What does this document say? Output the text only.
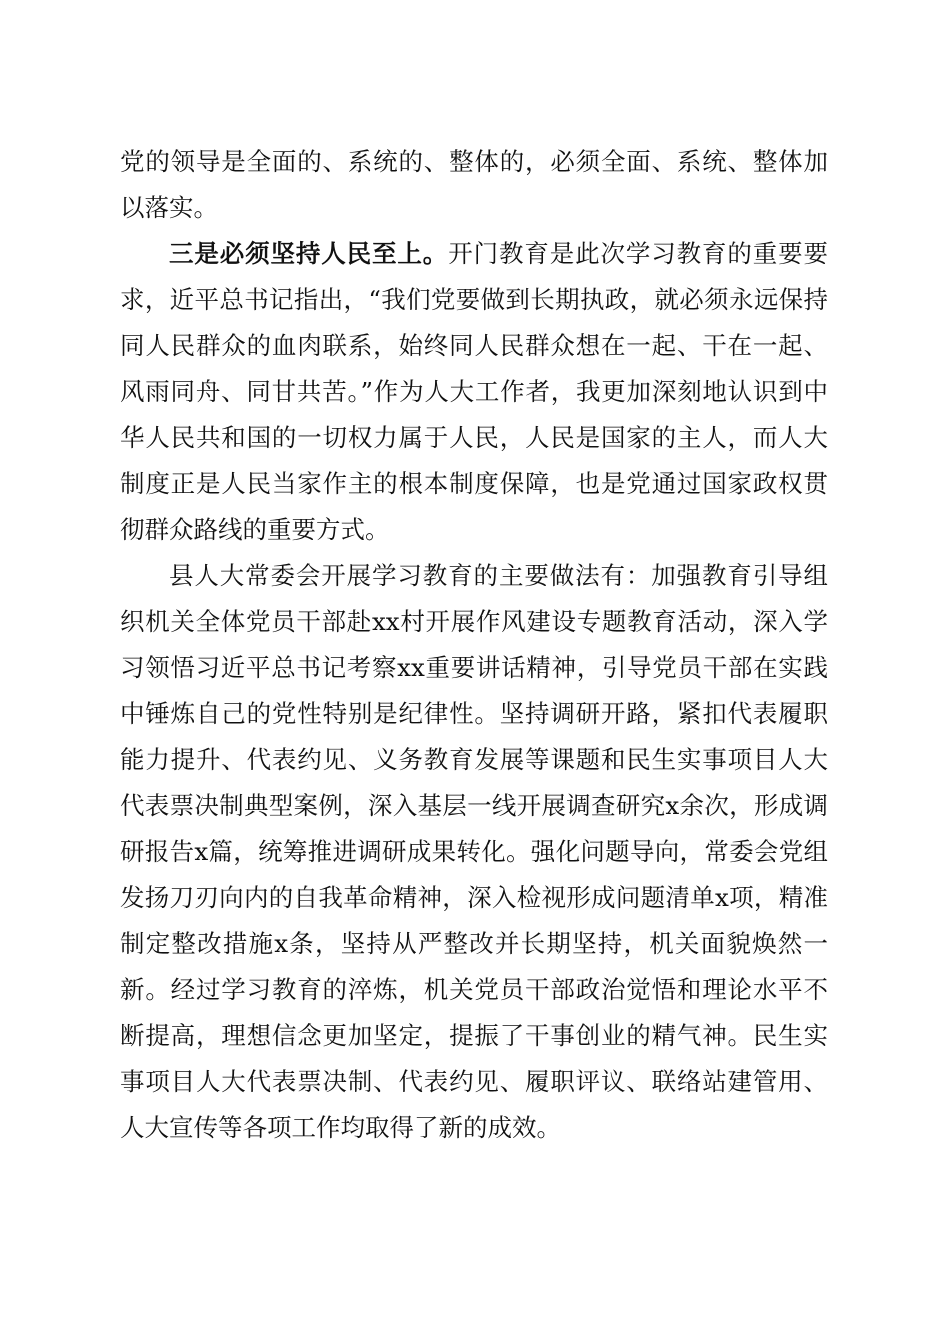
党的领导是全面的、系统的、整体的，必须全面、系统、整体加以落实。

三是必须坚持人民至上。开门教育是此次学习教育的重要要求，近平总书记指出，“我们党要做到长期执政，就必须永远保持同人民群众的血肉联系，始终同人民群众想在一起、干在一起、风雨同舟、同甘共苦。”作为人大工作者，我更加深刻地认识到中华人民共和国的一切权力属于人民，人民是国家的主人，而人大制度正是人民当家作主的根本制度保障，也是党通过国家政权贯彻群众路线的重要方式。

县人大常委会开展学习教育的主要做法有：加强教育引导组织机关全体党员干部赴xx村开展作风建设专题教育活动，深入学习领悟习近平总书记考察xx重要讲话精神，引导党员干部在实践中锤炼自己的党性特别是纪律性。坚持调研开路，紧扣代表履职能力提升、代表约见、义务教育发展等课题和民生实事项目人大代表票决制典型案例，深入基层一线开展调查研究x余次，形成调研报告x篇，统筹推进调研成果转化。强化问题导向，常委会党组发扬刀刃向内的自我革命精神，深入检视形成问题清单x项，精准制定整改措施x条，坚持从严整改并长期坚持，机关面貌焕然一新。经过学习教育的淬炼，机关党员干部政治觉悟和理论水平不断提高，理想信念更加坚定，提振了干事创业的精气神。民生实事项目人大代表票决制、代表约见、履职评议、联络站建管用、人大宣传等各项工作均取得了新的成效。
